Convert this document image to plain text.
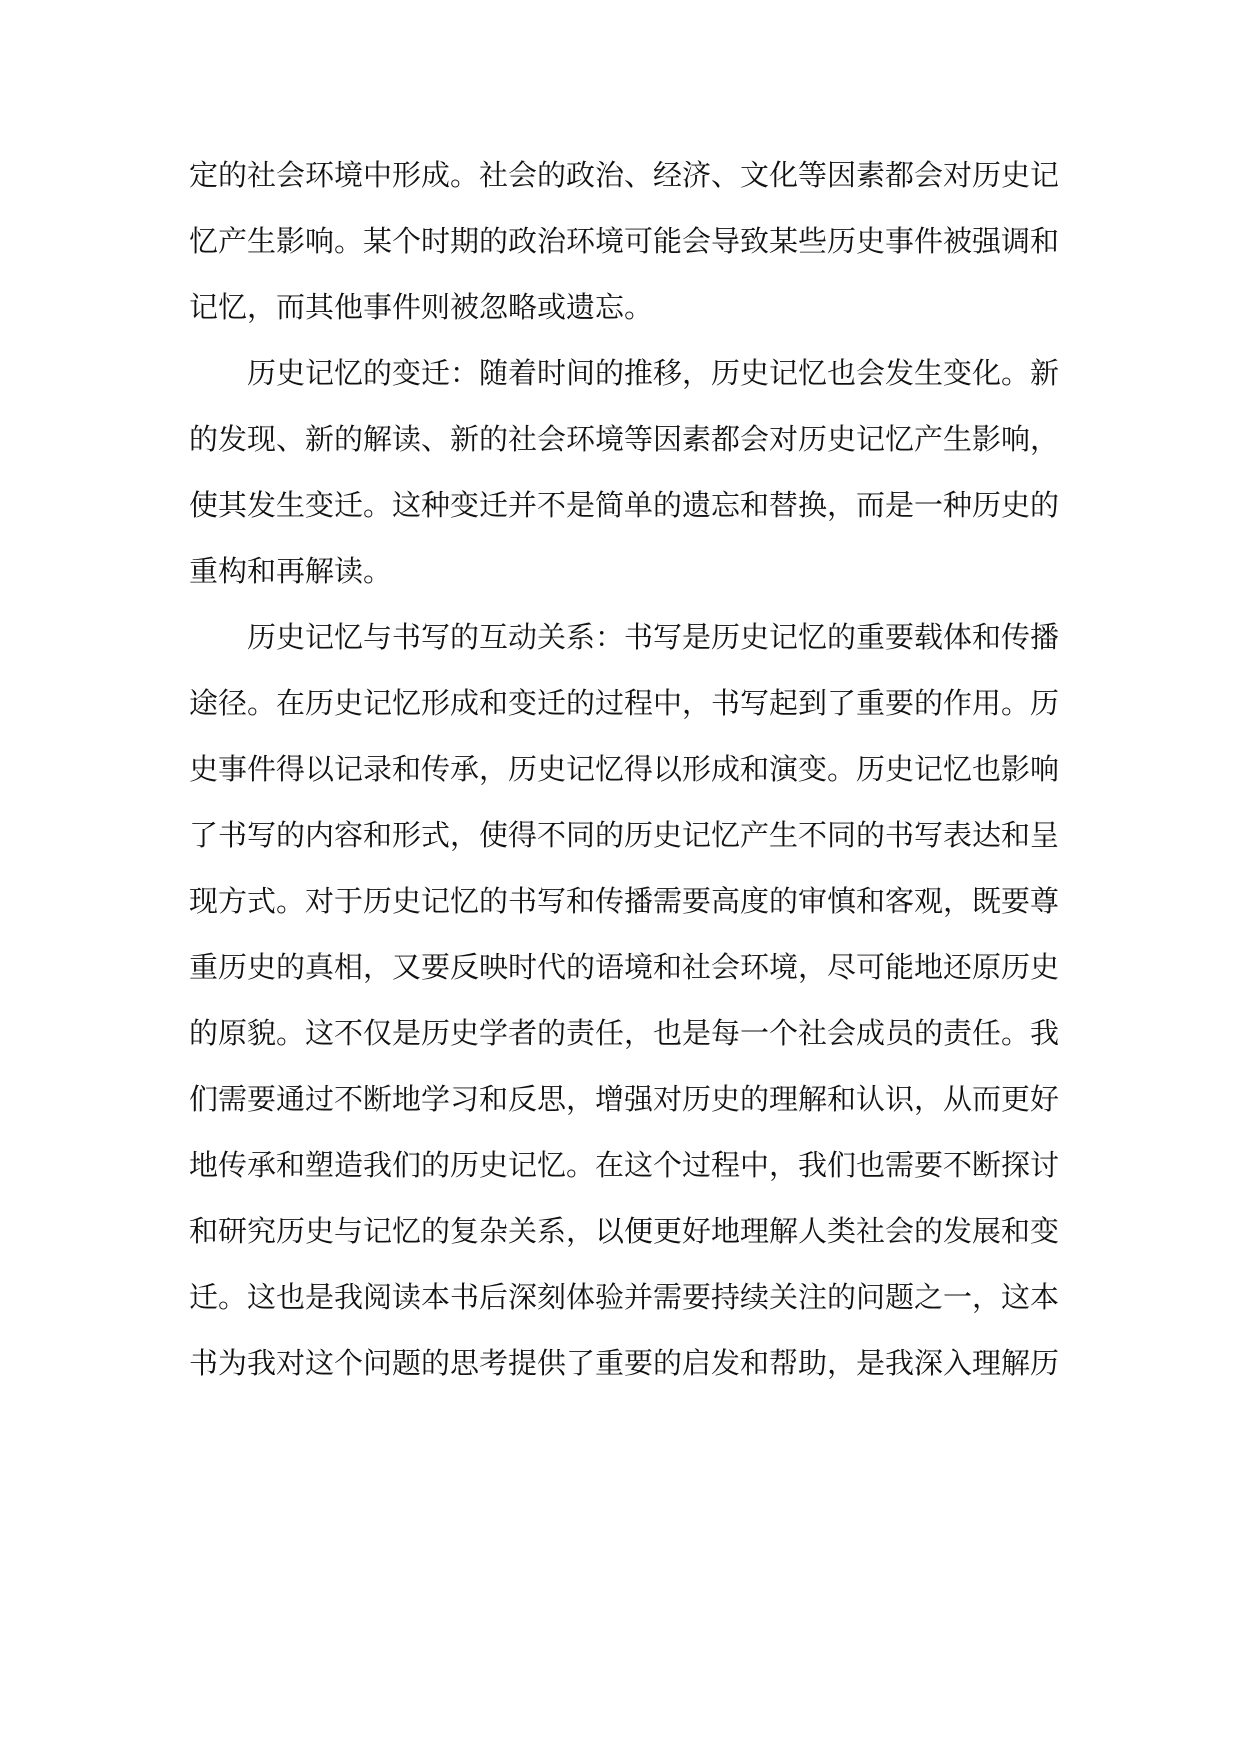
定的社会环境中形成。社会的政治、经济、文化等因素都会对历史记忆产生影响。某个时期的政治环境可能会导致某些历史事件被强调和记忆，而其他事件则被忽略或遗忘。

历史记忆的变迁：随着时间的推移，历史记忆也会发生变化。新的发现、新的解读、新的社会环境等因素都会对历史记忆产生影响，使其发生变迁。这种变迁并不是简单的遗忘和替换，而是一种历史的重构和再解读。

历史记忆与书写的互动关系：书写是历史记忆的重要载体和传播途径。在历史记忆形成和变迁的过程中，书写起到了重要的作用。历史事件得以记录和传承，历史记忆得以形成和演变。历史记忆也影响了书写的内容和形式，使得不同的历史记忆产生不同的书写表达和呈现方式。对于历史记忆的书写和传播需要高度的审慎和客观，既要尊重历史的真相，又要反映时代的语境和社会环境，尽可能地还原历史的原貌。这不仅是历史学者的责任，也是每一个社会成员的责任。我们需要通过不断地学习和反思，增强对历史的理解和认识，从而更好地传承和塑造我们的历史记忆。在这个过程中，我们也需要不断探讨和研究历史与记忆的复杂关系，以便更好地理解人类社会的发展和变迁。这也是我阅读本书后深刻体验并需要持续关注的问题之一，这本书为我对这个问题的思考提供了重要的启发和帮助，是我深入理解历
